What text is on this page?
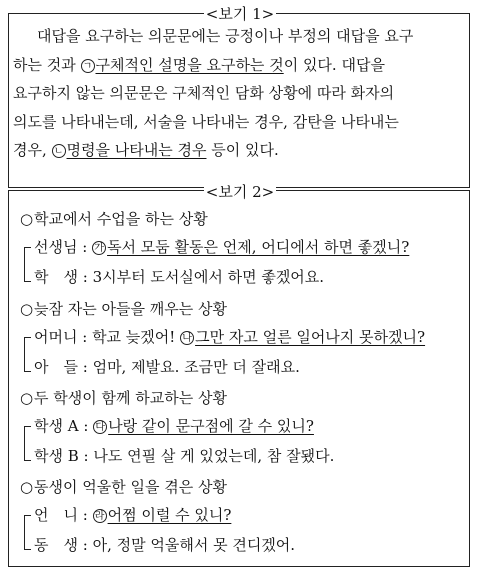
<보기 1>
대답을 요구하는 의문문에는 긍정이나 부정의 대답을 요구
하는 것과 ㄱ 구체적인 설명을 요구하는 것이 있다. 대답을
요구하지 않는 의문문은 구체적인 담화 상황에 따라 화자의
의도를 나타내는데, 서술을 나타내는 경우, 감탄을 나타내는
경우, ㄴ 명령을 나타내는 경우 등이 있다.
<보기 2>
○학교에서 수업을 하는 상황
선생님 : 가 독서 모둠 활동은 언제, 어디에서 하면 좋겠니?
학　생 : 3시부터 도서실에서 하면 좋겠어요.
○늦잠 자는 아들을 깨우는 상황
어머니 : 학교 늦겠어! 나 그만 자고 얼른 일어나지 못하겠니?
아　들 : 엄마, 제발요. 조금만 더 잘래요.
○두 학생이 함께 하교하는 상황
학생 A : 다 나랑 같이 문구점에 갈 수 있니?
학생 B : 나도 연필 살 게 있었는데, 참 잘됐다.
○동생이 억울한 일을 겪은 상황
언　니 : 라 어쩜 이럴 수 있니?
동　생 : 아, 정말 억울해서 못 견디겠어.
